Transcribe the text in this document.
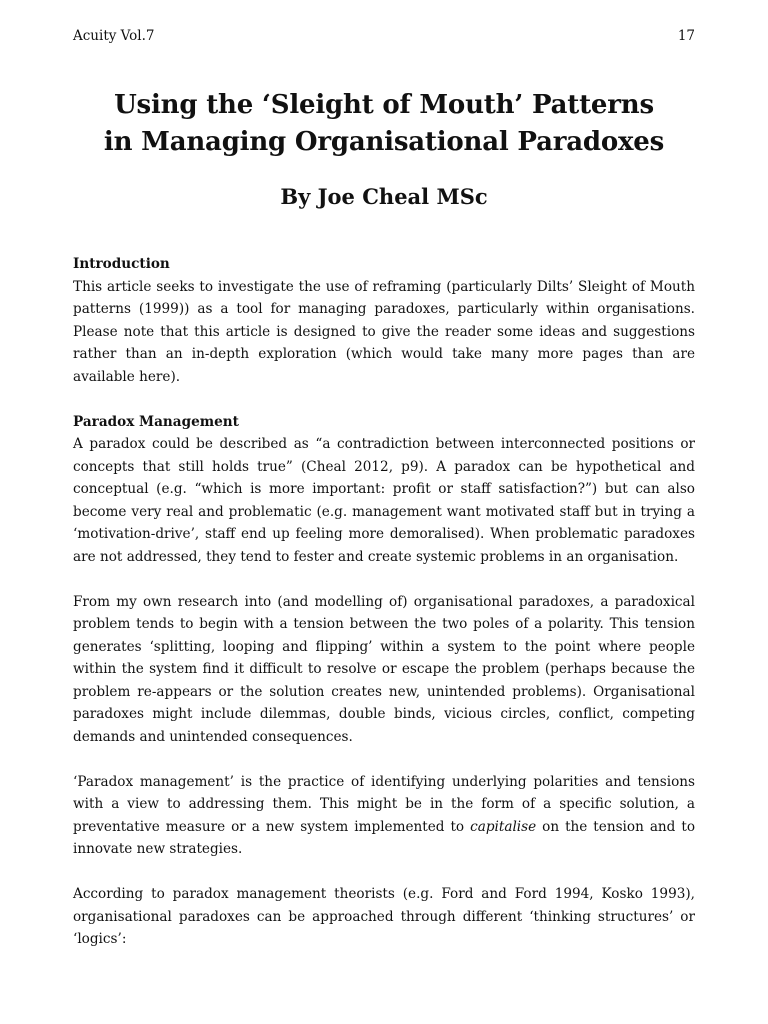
Acuity Vol.7	17
Using the ‘Sleight of Mouth’ Patterns
in Managing Organisational Paradoxes
By Joe Cheal MSc

Introduction

This article seeks to investigate the use of reframing (particularly Dilts’ Sleight of Mouth patterns (1999)) as a tool for managing paradoxes, particularly within organisations. Please note that this article is designed to give the reader some ideas and suggestions rather than an in-depth exploration (which would take many more pages than are available here).

Paradox Management

A paradox could be described as “a contradiction between interconnected positions or concepts that still holds true” (Cheal 2012, p9). A paradox can be hypothetical and conceptual (e.g. “which is more important: profit or staff satisfaction?”) but can also become very real and problematic (e.g. management want motivated staff but in trying a ‘motivation-drive’, staff end up feeling more demoralised). When problematic paradoxes are not addressed, they tend to fester and create systemic problems in an organisation.

From my own research into (and modelling of) organisational paradoxes, a paradoxical problem tends to begin with a tension between the two poles of a polarity. This tension generates ‘splitting, looping and flipping’ within a system to the point where people within the system find it difficult to resolve or escape the problem (perhaps because the problem re-appears or the solution creates new, unintended problems). Organisational paradoxes might include dilemmas, double binds, vicious circles, conflict, competing demands and unintended consequences.

‘Paradox management’ is the practice of identifying underlying polarities and tensions with a view to addressing them. This might be in the form of a specific solution, a preventative measure or a new system implemented to capitalise on the tension and to innovate new strategies.

According to paradox management theorists (e.g. Ford and Ford 1994, Kosko 1993), organisational paradoxes can be approached through different ‘thinking structures’ or ‘logics’:
